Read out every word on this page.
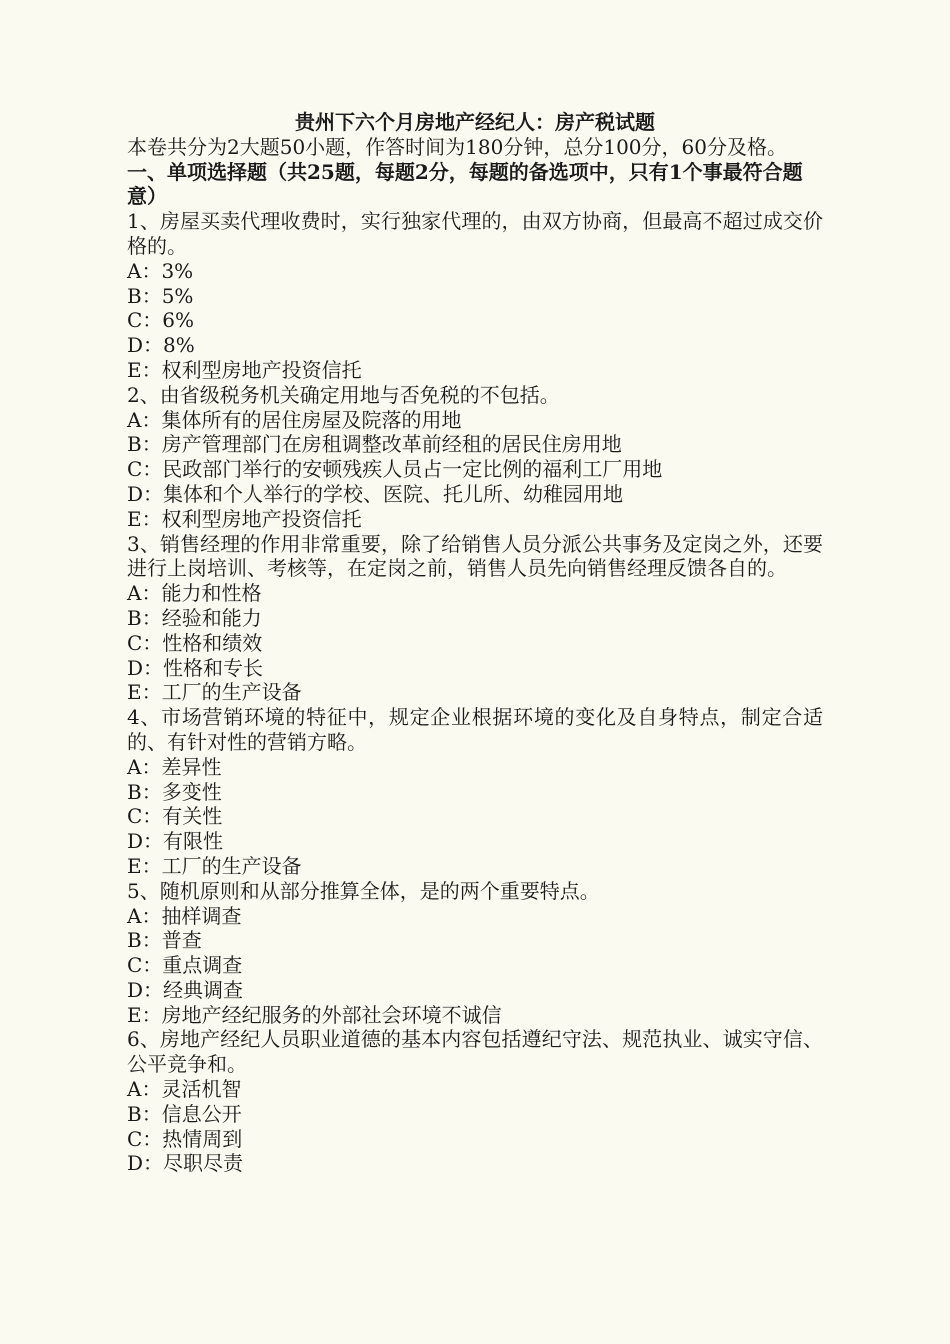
贵州下六个月房地产经纪人：房产税试题

本卷共分为2大题50小题，作答时间为180分钟，总分100分，60分及格。

一、单项选择题（共25题，每题2分，每题的备选项中，只有1个事最符合题意）

1、房屋买卖代理收费时，实行独家代理的，由双方协商，但最高不超过成交价格的。

A：3%

B：5%

C：6%

D：8%

E：权利型房地产投资信托

2、由省级税务机关确定用地与否免税的不包括。

A：集体所有的居住房屋及院落的用地

B：房产管理部门在房租调整改革前经租的居民住房用地

C：民政部门举行的安顿残疾人员占一定比例的福利工厂用地

D：集体和个人举行的学校、医院、托儿所、幼稚园用地

E：权利型房地产投资信托

3、销售经理的作用非常重要，除了给销售人员分派公共事务及定岗之外，还要进行上岗培训、考核等，在定岗之前，销售人员先向销售经理反馈各自的。

A：能力和性格

B：经验和能力

C：性格和绩效

D：性格和专长

E：工厂的生产设备

4、市场营销环境的特征中，规定企业根据环境的变化及自身特点，制定合适的、有针对性的营销方略。

A：差异性

B：多变性

C：有关性

D：有限性

E：工厂的生产设备

5、随机原则和从部分推算全体，是的两个重要特点。

A：抽样调查

B：普查

C：重点调查

D：经典调查

E：房地产经纪服务的外部社会环境不诚信

6、房地产经纪人员职业道德的基本内容包括遵纪守法、规范执业、诚实守信、公平竞争和。

A：灵活机智

B：信息公开

C：热情周到

D：尽职尽责
